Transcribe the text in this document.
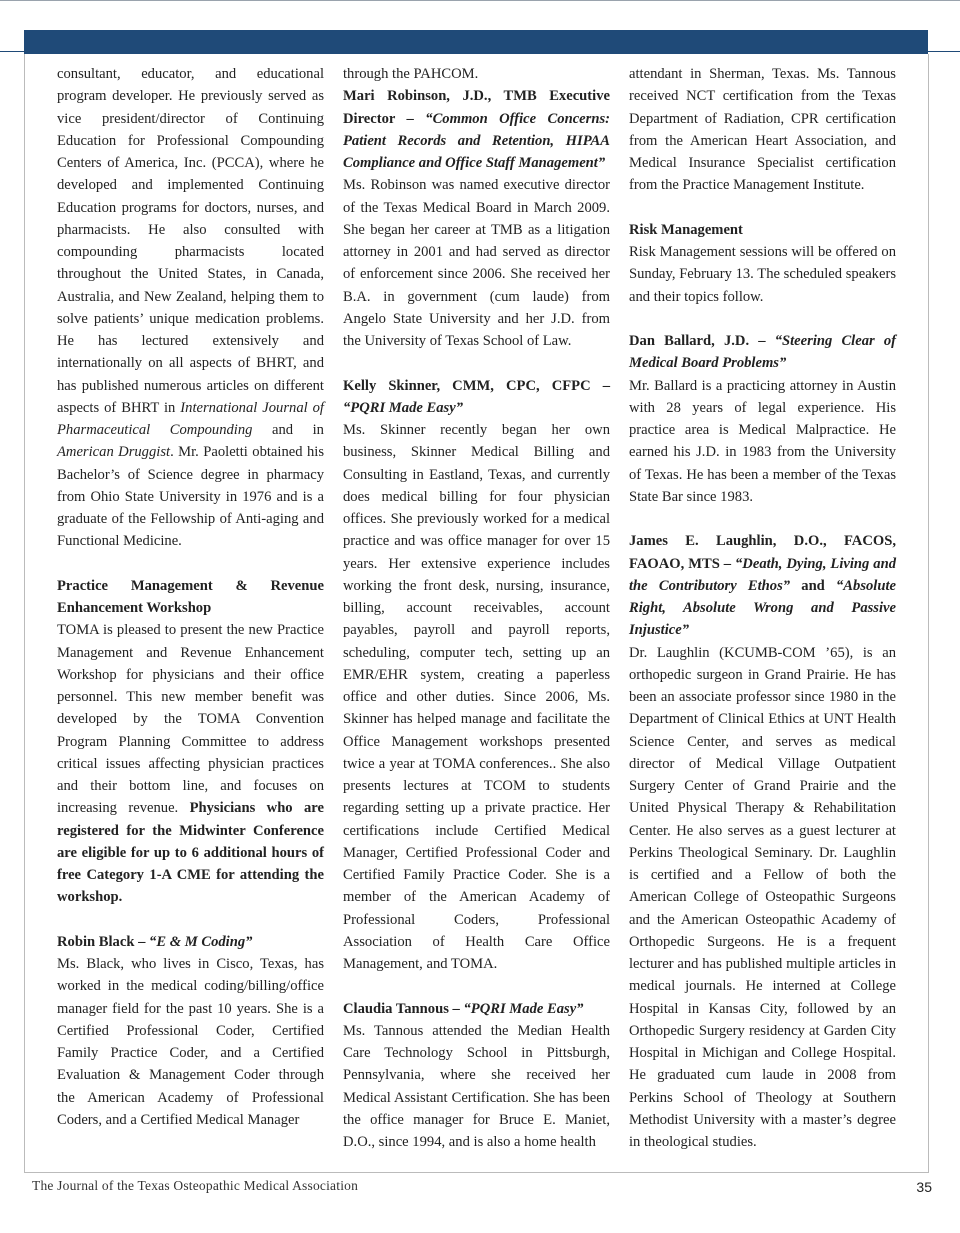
consultant, educator, and educational program developer. He previously served as vice president/director of Continuing Education for Professional Compounding Centers of America, Inc. (PCCA), where he developed and implemented Continuing Education programs for doctors, nurses, and pharmacists. He also consulted with compounding pharmacists located throughout the United States, in Canada, Australia, and New Zealand, helping them to solve patients’ unique medication problems. He has lectured extensively and internationally on all aspects of BHRT, and has published numerous articles on different aspects of BHRT in International Journal of Pharmaceutical Compounding and in American Druggist. Mr. Paoletti obtained his Bachelor’s of Science degree in pharmacy from Ohio State University in 1976 and is a graduate of the Fellowship of Anti-aging and Functional Medicine.

Practice Management & Revenue Enhancement Workshop

TOMA is pleased to present the new Practice Management and Revenue Enhancement Workshop for physicians and their office personnel. This new member benefit was developed by the TOMA Convention Program Planning Committee to address critical issues affecting physician practices and their bottom line, and focuses on increasing revenue. Physicians who are registered for the Midwinter Conference are eligible for up to 6 additional hours of free Category 1-A CME for attending the workshop.

Robin Black – “E & M Coding”

Ms. Black, who lives in Cisco, Texas, has worked in the medical coding/billing/office manager field for the past 10 years. She is a Certified Professional Coder, Certified Family Practice Coder, and a Certified Evaluation & Management Coder through the American Academy of Professional Coders, and a Certified Medical Manager

through the PAHCOM.

Mari Robinson, J.D., TMB Executive Director – “Common Office Concerns: Patient Records and Retention, HIPAA Compliance and Office Staff Management”

Ms. Robinson was named executive director of the Texas Medical Board in March 2009. She began her career at TMB as a litigation attorney in 2001 and had served as director of enforcement since 2006. She received her B.A. in government (cum laude) from Angelo State University and her J.D. from the University of Texas School of Law.

Kelly Skinner, CMM, CPC, CFPC – “PQRI Made Easy”

Ms. Skinner recently began her own business, Skinner Medical Billing and Consulting in Eastland, Texas, and currently does medical billing for four physician offices. She previously worked for a medical practice and was office manager for over 15 years. Her extensive experience includes working the front desk, nursing, insurance, billing, account receivables, account payables, payroll and payroll reports, scheduling, computer tech, setting up an EMR/EHR system, creating a paperless office and other duties. Since 2006, Ms. Skinner has helped manage and facilitate the Office Management workshops presented twice a year at TOMA conferences.. She also presents lectures at TCOM to students regarding setting up a private practice. Her certifications include Certified Medical Manager, Certified Professional Coder and Certified Family Practice Coder. She is a member of the American Academy of Professional Coders, Professional Association of Health Care Office Management, and TOMA.

Claudia Tannous – “PQRI Made Easy”

Ms. Tannous attended the Median Health Care Technology School in Pittsburgh, Pennsylvania, where she received her Medical Assistant Certification. She has been the office manager for Bruce E. Maniet, D.O., since 1994, and is also a home health

attendant in Sherman, Texas. Ms. Tannous received NCT certification from the Texas Department of Radiation, CPR certification from the American Heart Association, and Medical Insurance Specialist certification from the Practice Management Institute.

Risk Management

Risk Management sessions will be offered on Sunday, February 13. The scheduled speakers and their topics follow.

Dan Ballard, J.D. – “Steering Clear of Medical Board Problems”

Mr. Ballard is a practicing attorney in Austin with 28 years of legal experience. His practice area is Medical Malpractice. He earned his J.D. in 1983 from the University of Texas. He has been a member of the Texas State Bar since 1983.

James E. Laughlin, D.O., FACOS, FAOAO, MTS – “Death, Dying, Living and the Contributory Ethos” and “Absolute Right, Absolute Wrong and Passive Injustice”

Dr. Laughlin (KCUMB-COM ’65), is an orthopedic surgeon in Grand Prairie. He has been an associate professor since 1980 in the Department of Clinical Ethics at UNT Health Science Center, and serves as medical director of Medical Village Outpatient Surgery Center of Grand Prairie and the United Physical Therapy & Rehabilitation Center. He also serves as a guest lecturer at Perkins Theological Seminary. Dr. Laughlin is certified and a Fellow of both the American College of Osteopathic Surgeons and the American Osteopathic Academy of Orthopedic Surgeons. He is a frequent lecturer and has published multiple articles in medical journals. He interned at College Hospital in Kansas City, followed by an Orthopedic Surgery residency at Garden City Hospital in Michigan and College Hospital. He graduated cum laude in 2008 from Perkins School of Theology at Southern Methodist University with a master’s degree in theological studies.

The Journal of the Texas Osteopathic Medical Association	35
